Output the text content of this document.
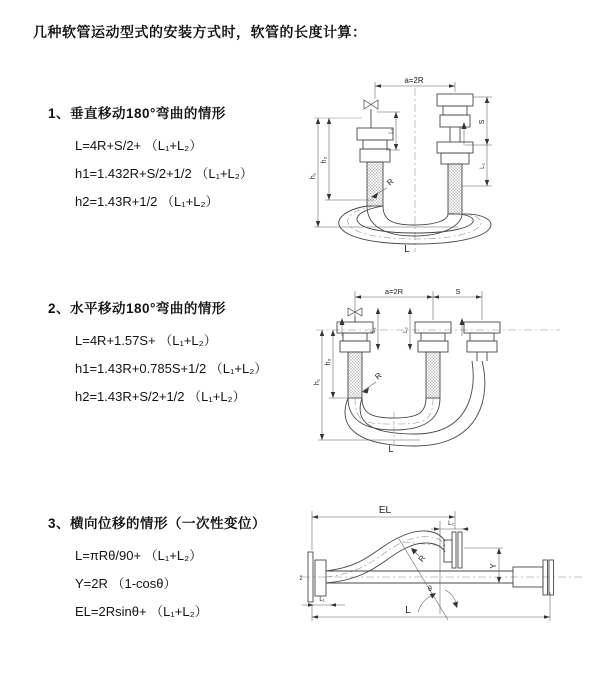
几种软管运动型式的安装方式时，软管的长度计算：
1、垂直移动180°弯曲的情形
L=4R+S/2+ （L₁+L₂）
h1=1.432R+S/2+1/2 （L₁+L₂）
h2=1.43R+1/2 （L₁+L₂）
2、水平移动180°弯曲的情形
L=4R+1.57S+ （L₁+L₂）
h1=1.43R+0.785S+1/2 （L₁+L₂）
h2=1.43R+S/2+1/2 （L₁+L₂）
3、横向位移的情形（一次性变位）
L=πRθ/90+ （L₁+L₂）
Y=2R （1-cosθ）
EL=2Rsinθ+ （L₁+L₂）
a=2R
h₁
h₂
L₁
S
L₂
R
L
a=2R	S
L₁	L₂
h₁
h₂
R
L
EL
L₂
Y
R
θ
L
L₁
z̄
